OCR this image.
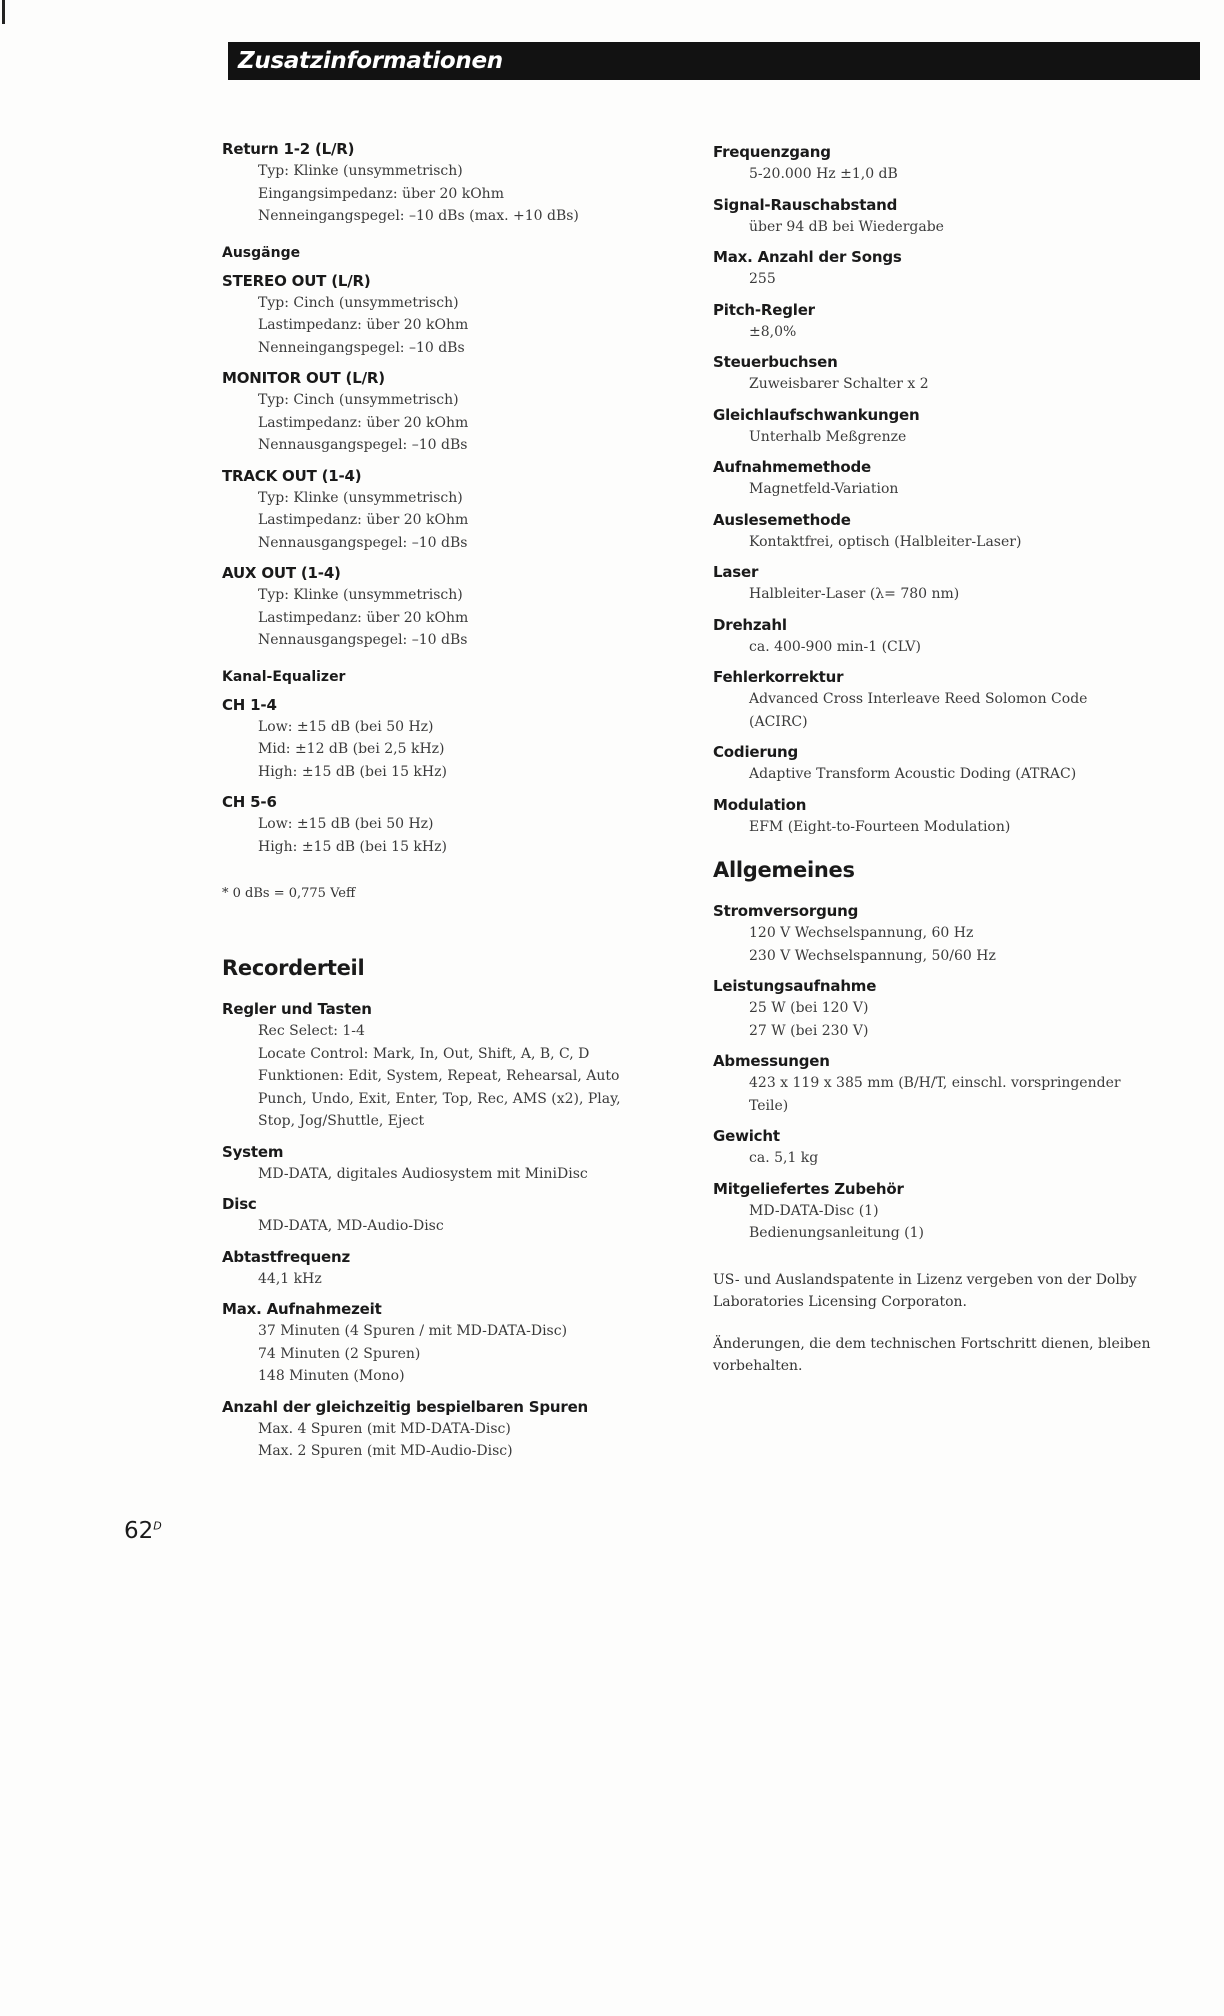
Zusatzinformationen
Return 1-2 (L/R)
Typ: Klinke (unsymmetrisch)
Eingangsimpedanz: über 20 kOhm
Nenneingangspegel: –10 dBs (max. +10 dBs)
Ausgänge
STEREO OUT (L/R)
Typ: Cinch (unsymmetrisch)
Lastimpedanz: über 20 kOhm
Nenneingangspegel: –10 dBs
MONITOR OUT (L/R)
Typ: Cinch (unsymmetrisch)
Lastimpedanz: über 20 kOhm
Nennausgangspegel: –10 dBs
TRACK OUT (1-4)
Typ: Klinke (unsymmetrisch)
Lastimpedanz: über 20 kOhm
Nennausgangspegel: –10 dBs
AUX OUT (1-4)
Typ: Klinke (unsymmetrisch)
Lastimpedanz: über 20 kOhm
Nennausgangspegel: –10 dBs
Kanal-Equalizer
CH 1-4
Low: ±15 dB (bei 50 Hz)
Mid: ±12 dB (bei 2,5 kHz)
High: ±15 dB (bei 15 kHz)
CH 5-6
Low: ±15 dB (bei 50 Hz)
High: ±15 dB (bei 15 kHz)
* 0 dBs = 0,775 Veff
Recorderteil
Regler und Tasten
Rec Select: 1-4
Locate Control: Mark, In, Out, Shift, A, B, C, D
Funktionen: Edit, System, Repeat, Rehearsal, Auto
Punch, Undo, Exit, Enter, Top, Rec, AMS (x2), Play,
Stop, Jog/Shuttle, Eject
System
MD-DATA, digitales Audiosystem mit MiniDisc
Disc
MD-DATA, MD-Audio-Disc
Abtastfrequenz
44,1 kHz
Max. Aufnahmezeit
37 Minuten (4 Spuren / mit MD-DATA-Disc)
74 Minuten (2 Spuren)
148 Minuten (Mono)
Anzahl der gleichzeitig bespielbaren Spuren
Max. 4 Spuren (mit MD-DATA-Disc)
Max. 2 Spuren (mit MD-Audio-Disc)
Frequenzgang
5-20.000 Hz ±1,0 dB
Signal-Rauschabstand
über 94 dB bei Wiedergabe
Max. Anzahl der Songs
255
Pitch-Regler
±8,0%
Steuerbuchsen
Zuweisbarer Schalter x 2
Gleichlaufschwankungen
Unterhalb Meßgrenze
Aufnahmemethode
Magnetfeld-Variation
Auslesemethode
Kontaktfrei, optisch (Halbleiter-Laser)
Laser
Halbleiter-Laser (λ= 780 nm)
Drehzahl
ca. 400-900 min-1 (CLV)
Fehlerkorrektur
Advanced Cross Interleave Reed Solomon Code
(ACIRC)
Codierung
Adaptive Transform Acoustic Doding (ATRAC)
Modulation
EFM (Eight-to-Fourteen Modulation)
Allgemeines
Stromversorgung
120 V Wechselspannung, 60 Hz
230 V Wechselspannung, 50/60 Hz
Leistungsaufnahme
25 W (bei 120 V)
27 W (bei 230 V)
Abmessungen
423 x 119 x 385 mm (B/H/T, einschl. vorspringender
Teile)
Gewicht
ca. 5,1 kg
Mitgeliefertes Zubehör
MD-DATA-Disc (1)
Bedienungsanleitung (1)
US- und Auslandspatente in Lizenz vergeben von der Dolby Laboratories Licensing Corporaton.
Änderungen, die dem technischen Fortschritt dienen, bleiben vorbehalten.
$62^D$
